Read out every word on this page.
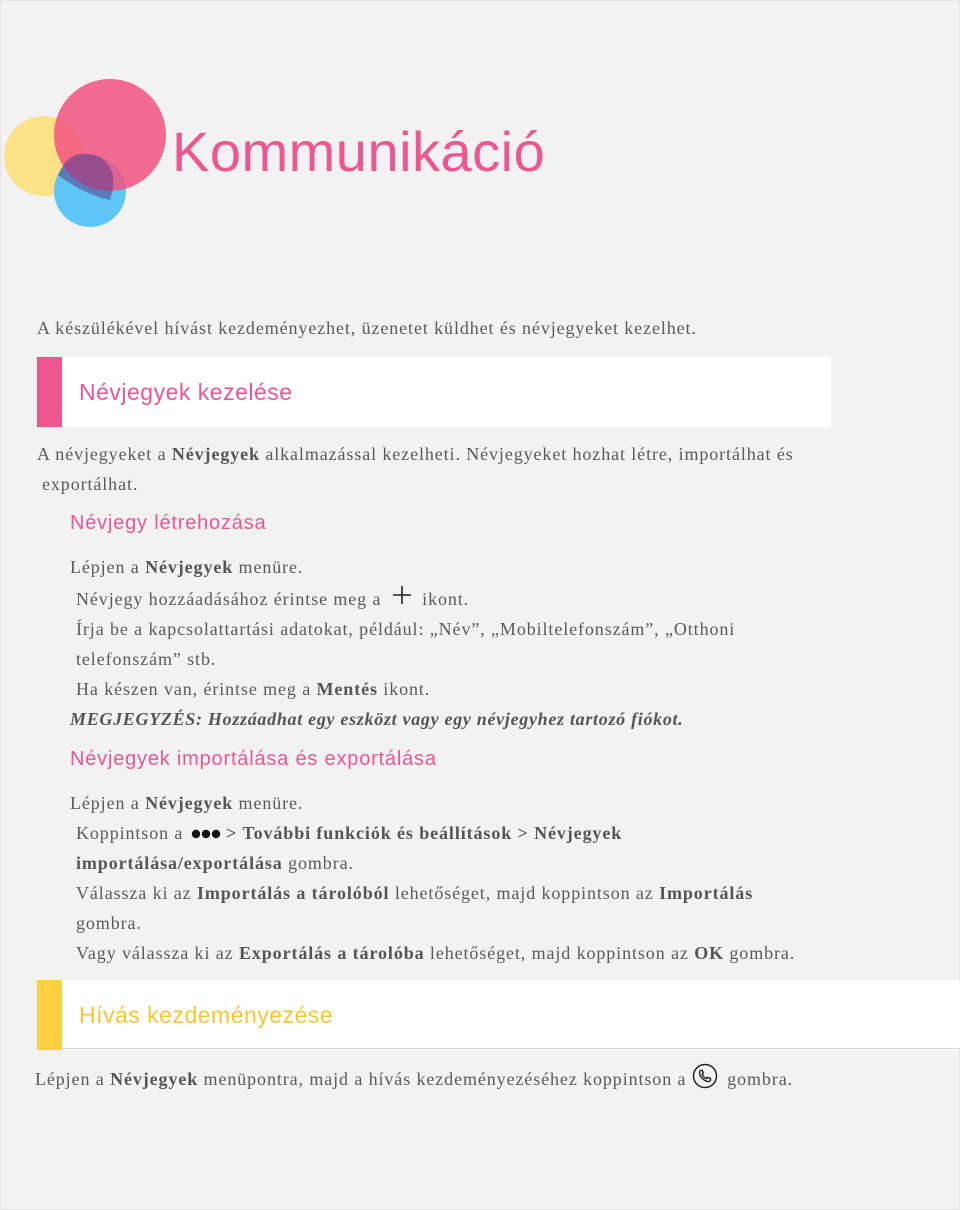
Kommunikáció
A készülékével hívást kezdeményezhet, üzenetet küldhet és névjegyeket kezelhet.
Névjegyek kezelése
A névjegyeket a Névjegyek alkalmazással kezelheti. Névjegyeket hozhat létre, importálhat és
exportálhat.
Névjegy létrehozása
Lépjen a Névjegyek menüre.
Névjegy hozzáadásához érintse meg a  ikont.
Írja be a kapcsolattartási adatokat, például: „Név”, „Mobiltelefonszám”, „Otthoni
telefonszám” stb.
Ha készen van, érintse meg a Mentés ikont.
MEGJEGYZÉS: Hozzáadhat egy eszközt vagy egy névjegyhez tartozó fiókot.
Névjegyek importálása és exportálása
Lépjen a Névjegyek menüre.
Koppintson a  > További funkciók és beállítások > Névjegyek
importálása/exportálása gombra.
Válassza ki az Importálás a tárolóból lehetőséget, majd koppintson az Importálás
gombra.
Vagy válassza ki az Exportálás a tárolóba lehetőséget, majd koppintson az OK gombra.
Hívás kezdeményezése
Lépjen a Névjegyek menüpontra, majd a hívás kezdeményezéséhez koppintson a  gombra.
